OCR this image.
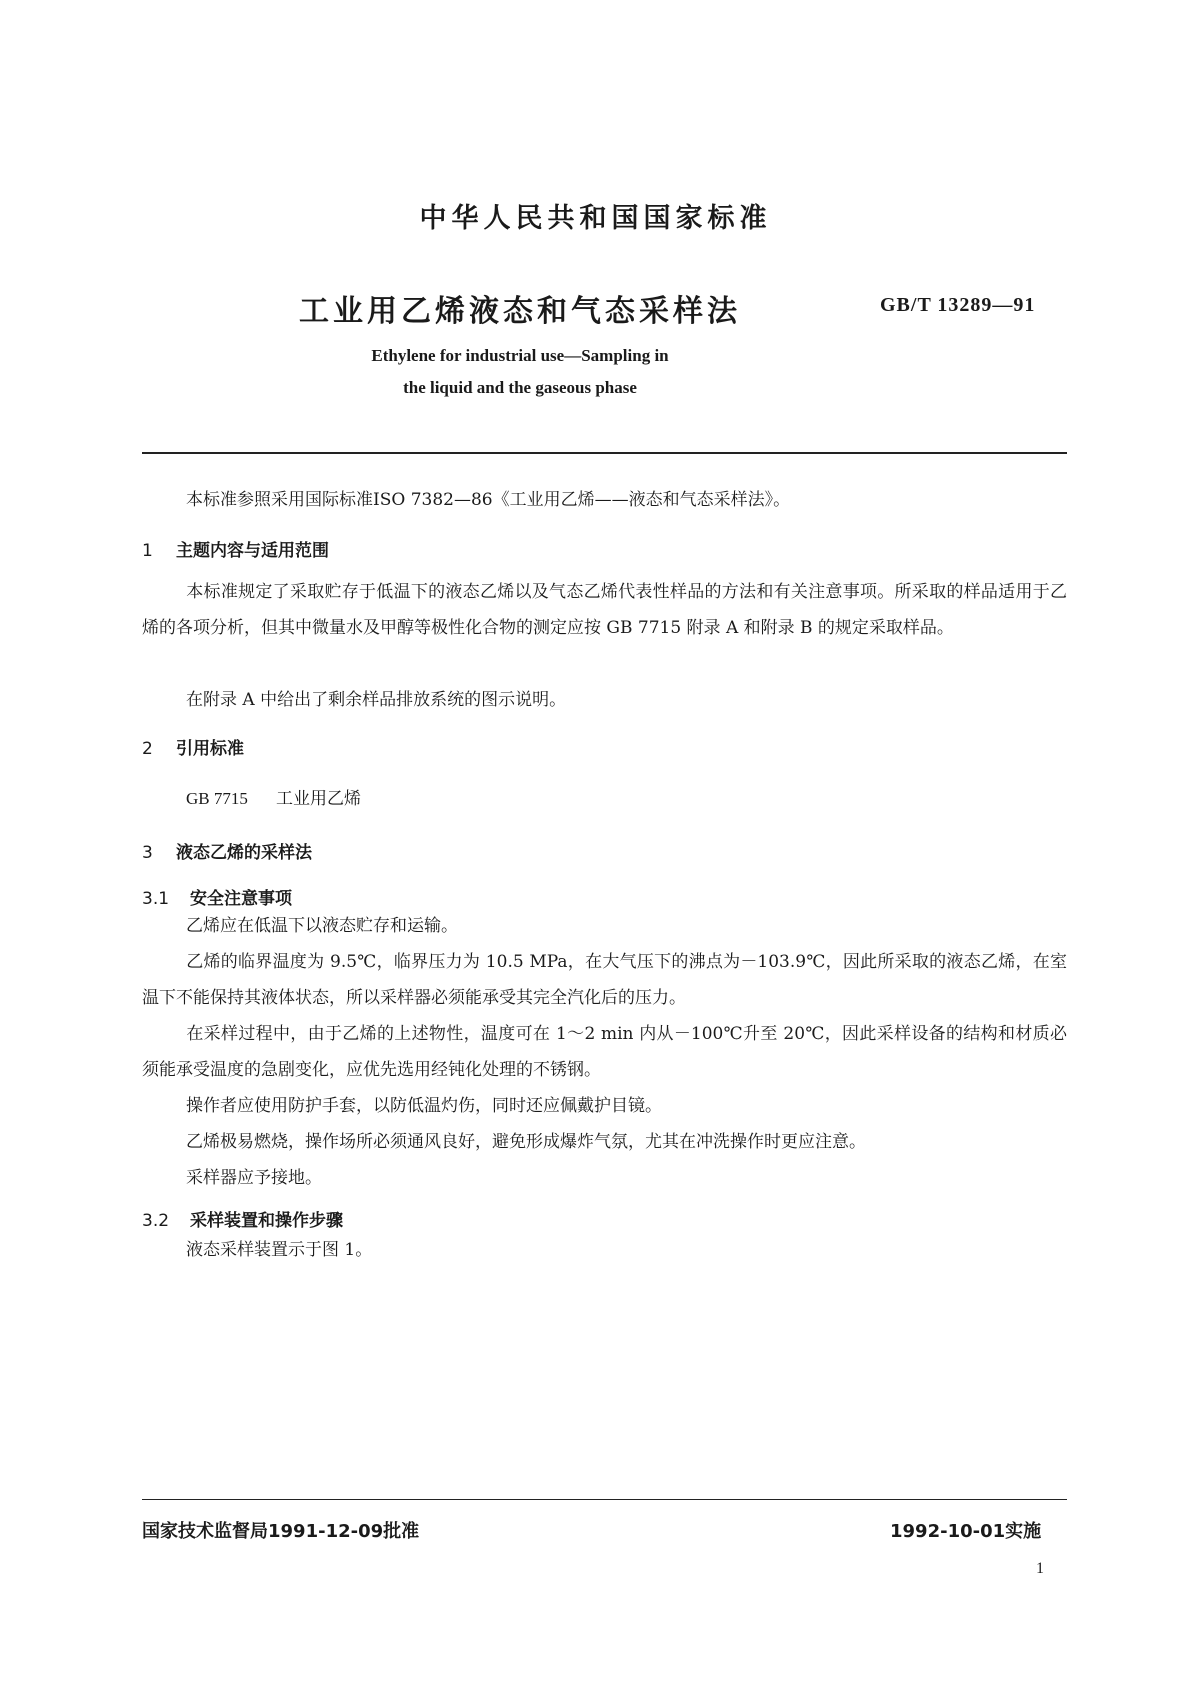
中华人民共和国国家标准
工业用乙烯液态和气态采样法	GB/T 13289—91
Ethylene for industrial use—Sampling in
the liquid and the gaseous phase
本标准参照采用国际标准ISO 7382—86《工业用乙烯——液态和气态采样法》。
1 主题内容与适用范围
本标准规定了采取贮存于低温下的液态乙烯以及气态乙烯代表性样品的方法和有关注意事项。所采取的样品适用于乙烯的各项分析，但其中微量水及甲醇等极性化合物的测定应按 GB 7715 附录 A 和附录 B 的规定采取样品。
在附录 A 中给出了剩余样品排放系统的图示说明。
2 引用标准
GB 7715 工业用乙烯
3 液态乙烯的采样法
3.1 安全注意事项
乙烯应在低温下以液态贮存和运输。
乙烯的临界温度为 9.5℃，临界压力为 10.5 MPa，在大气压下的沸点为－103.9℃，因此所采取的液态乙烯，在室温下不能保持其液体状态，所以采样器必须能承受其完全汽化后的压力。
在采样过程中，由于乙烯的上述物性，温度可在 1～2 min 内从－100℃升至 20℃，因此采样设备的结构和材质必须能承受温度的急剧变化，应优先选用经钝化处理的不锈钢。
操作者应使用防护手套，以防低温灼伤，同时还应佩戴护目镜。
乙烯极易燃烧，操作场所必须通风良好，避免形成爆炸气氛，尤其在冲洗操作时更应注意。
采样器应予接地。
3.2 采样装置和操作步骤
液态采样装置示于图 1。
国家技术监督局1991-12-09批准	1992-10-01实施
1
